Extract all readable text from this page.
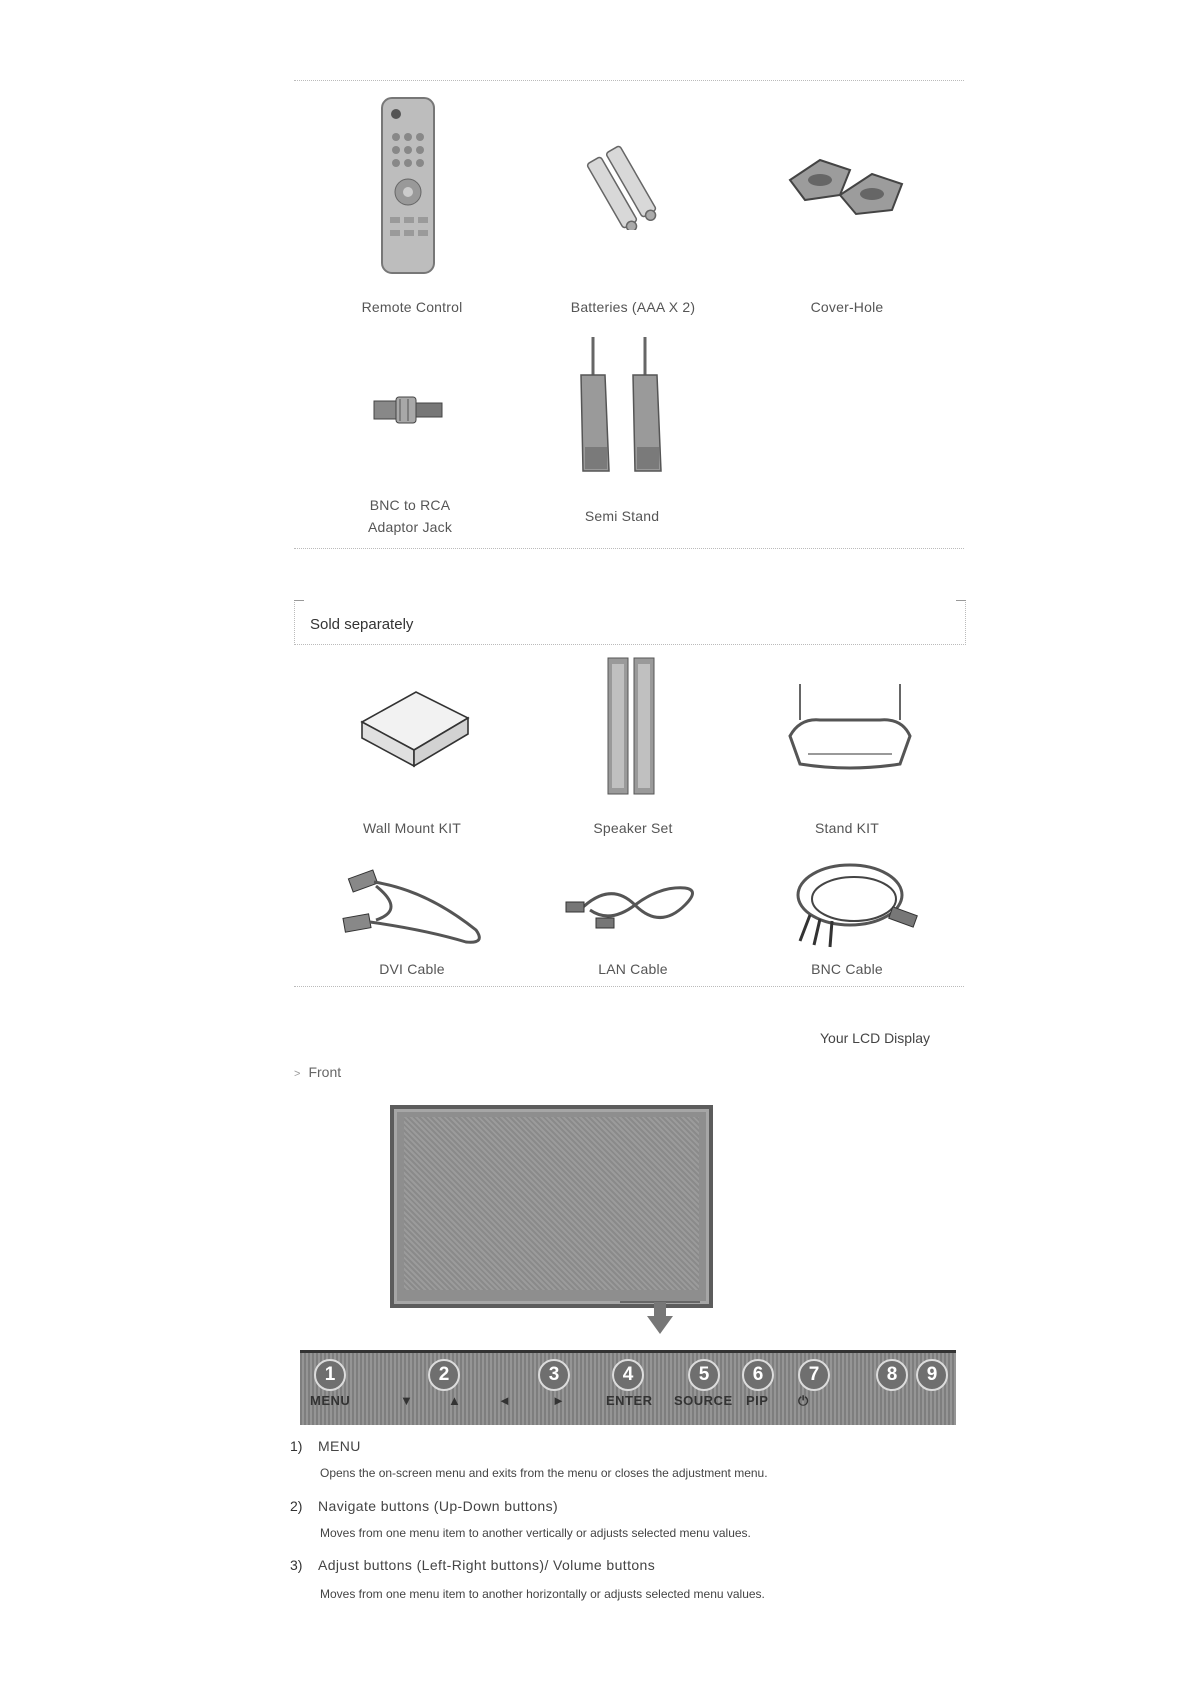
Remote Control	Batteries (AAA X 2)	Cover-Hole
BNC to RCA
Adaptor Jack
Semi Stand
Sold separately
Wall Mount KIT	Speaker Set	Stand KIT
DVI Cable	LAN Cable	BNC Cable
Your LCD Display
> Front
1
MENU
2
▼
3
▲
4
◄
5
►
6
ENTER
7
SOURCE
8
PIP
9
⏻
1) MENU
Opens the on-screen menu and exits from the menu or closes the adjustment menu.
2) Navigate buttons (Up-Down buttons)
Moves from one menu item to another vertically or adjusts selected menu values.
3) Adjust buttons (Left-Right buttons)/ Volume buttons
Moves from one menu item to another horizontally or adjusts selected menu values.
